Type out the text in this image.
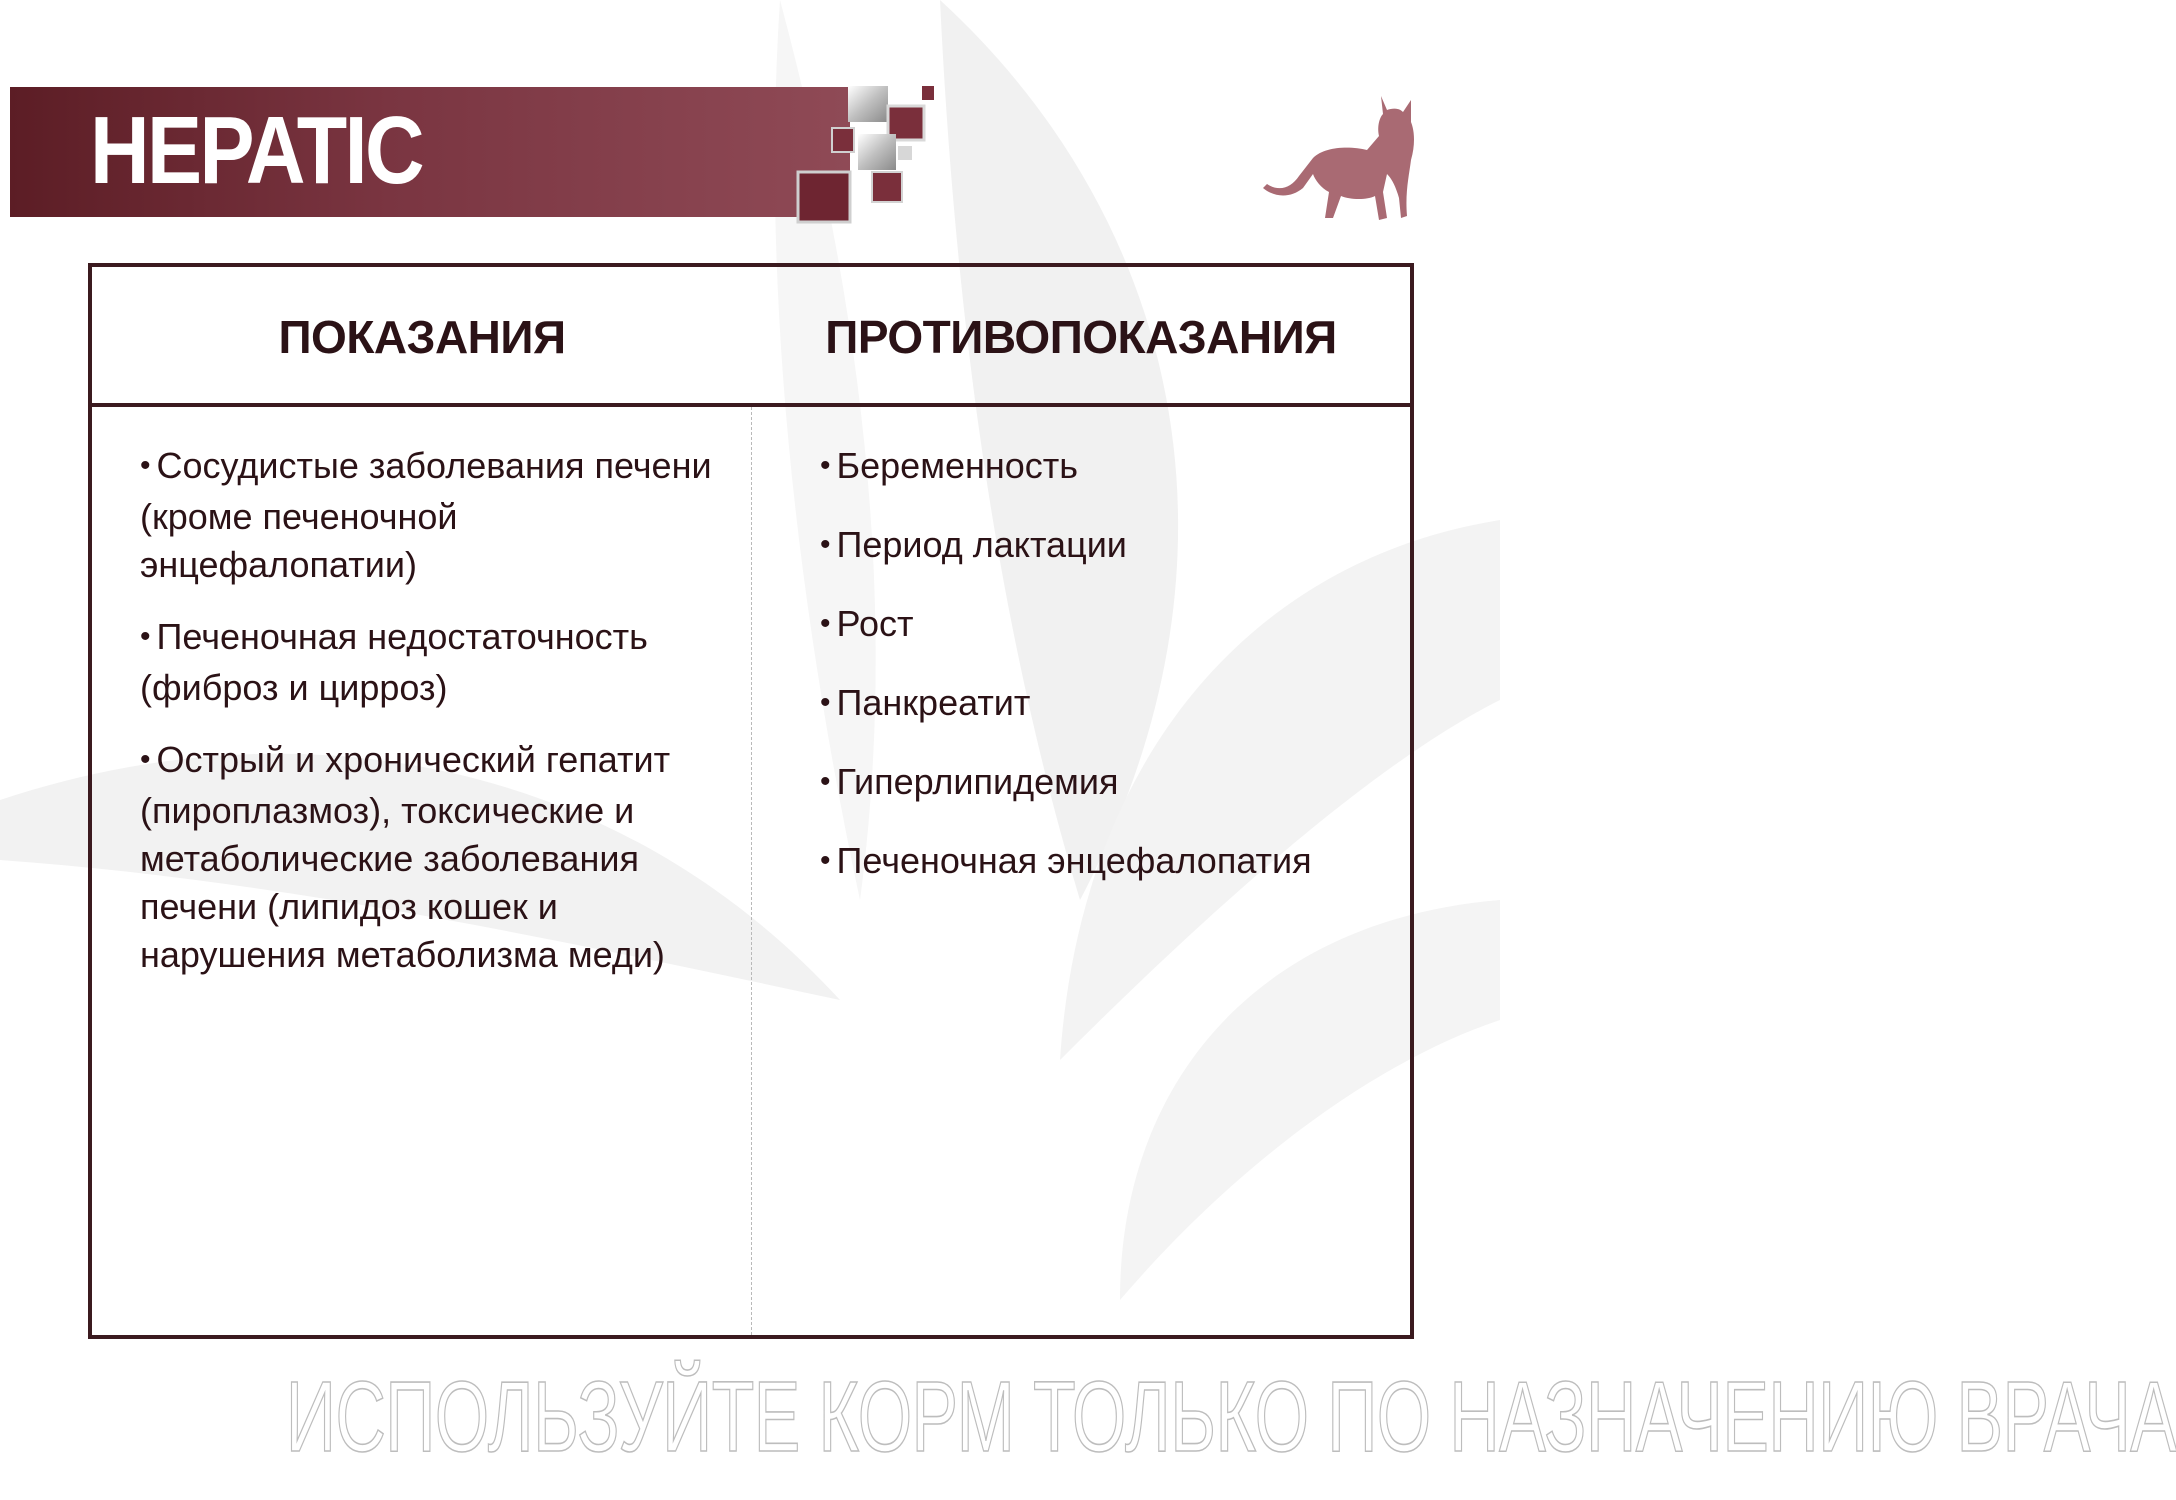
HEPATIC
ПОКАЗАНИЯ	ПРОТИВОПОКАЗАНИЯ
• Сосудистые заболевания печени (кроме печеночной энцефалопатии)
• Печеночная недостаточность (фиброз и цирроз)
• Острый и хронический гепатит (пироплазмоз), токсические и метаболические заболевания печени (липидоз кошек и нарушения метаболизма меди)
• Беременность
• Период лактации
• Рост
• Панкреатит
• Гиперлипидемия
• Печеночная энцефалопатия
ИСПОЛЬЗУЙТЕ КОРМ ТОЛЬКО ПО НАЗНАЧЕНИЮ ВРАЧА
